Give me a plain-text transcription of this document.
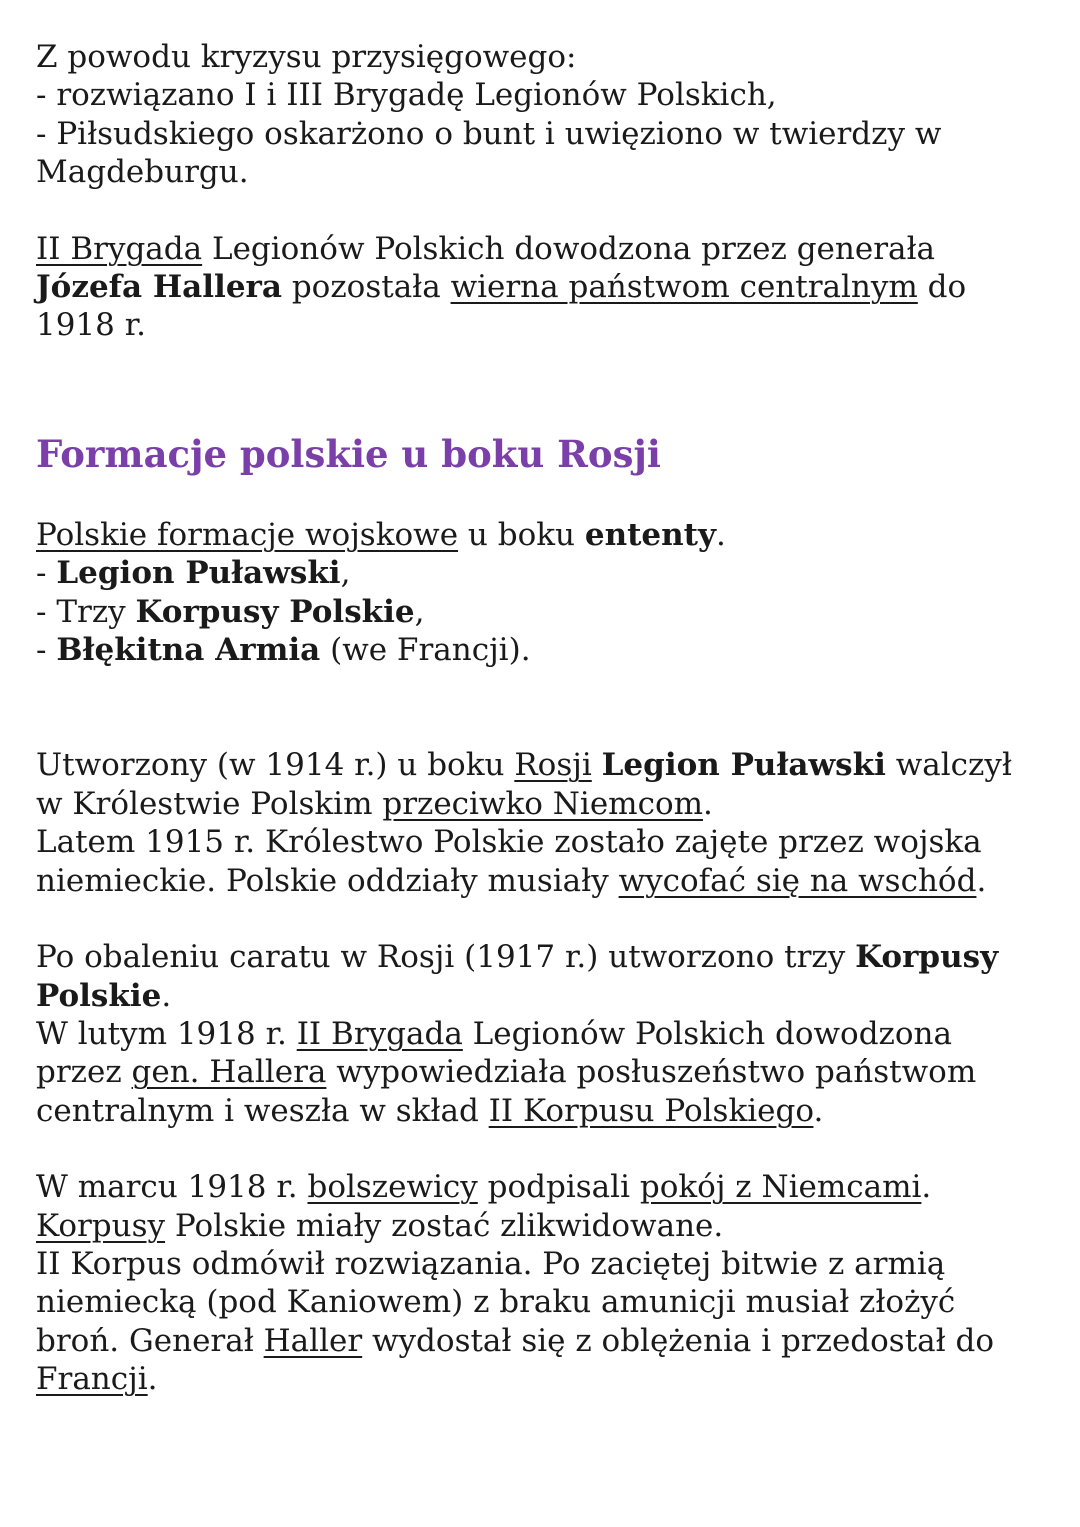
Z powodu kryzysu przysięgowego:
- rozwiązano I i III Brygadę Legionów Polskich,
- Piłsudskiego oskarżono o bunt i uwięziono w twierdzy w
Magdeburgu.

II Brygada Legionów Polskich dowodzona przez generała
Józefa Hallera pozostała wierna państwom centralnym do
1918 r.

Formacje polskie u boku Rosji

Polskie formacje wojskowe u boku ententy.
- Legion Puławski,
- Trzy Korpusy Polskie,
- Błękitna Armia (we Francji).

Utworzony (w 1914 r.) u boku Rosji Legion Puławski walczył
w Królestwie Polskim przeciwko Niemcom.
Latem 1915 r. Królestwo Polskie zostało zajęte przez wojska
niemieckie. Polskie oddziały musiały wycofać się na wschód.

Po obaleniu caratu w Rosji (1917 r.) utworzono trzy Korpusy
Polskie.
W lutym 1918 r. II Brygada Legionów Polskich dowodzona
przez gen. Hallera wypowiedziała posłuszeństwo państwom
centralnym i weszła w skład II Korpusu Polskiego.

W marcu 1918 r. bolszewicy podpisali pokój z Niemcami.
Korpusy Polskie miały zostać zlikwidowane.
II Korpus odmówił rozwiązania. Po zaciętej bitwie z armią
niemiecką (pod Kaniowem) z braku amunicji musiał złożyć
broń. Generał Haller wydostał się z oblężenia i przedostał do
Francji.
